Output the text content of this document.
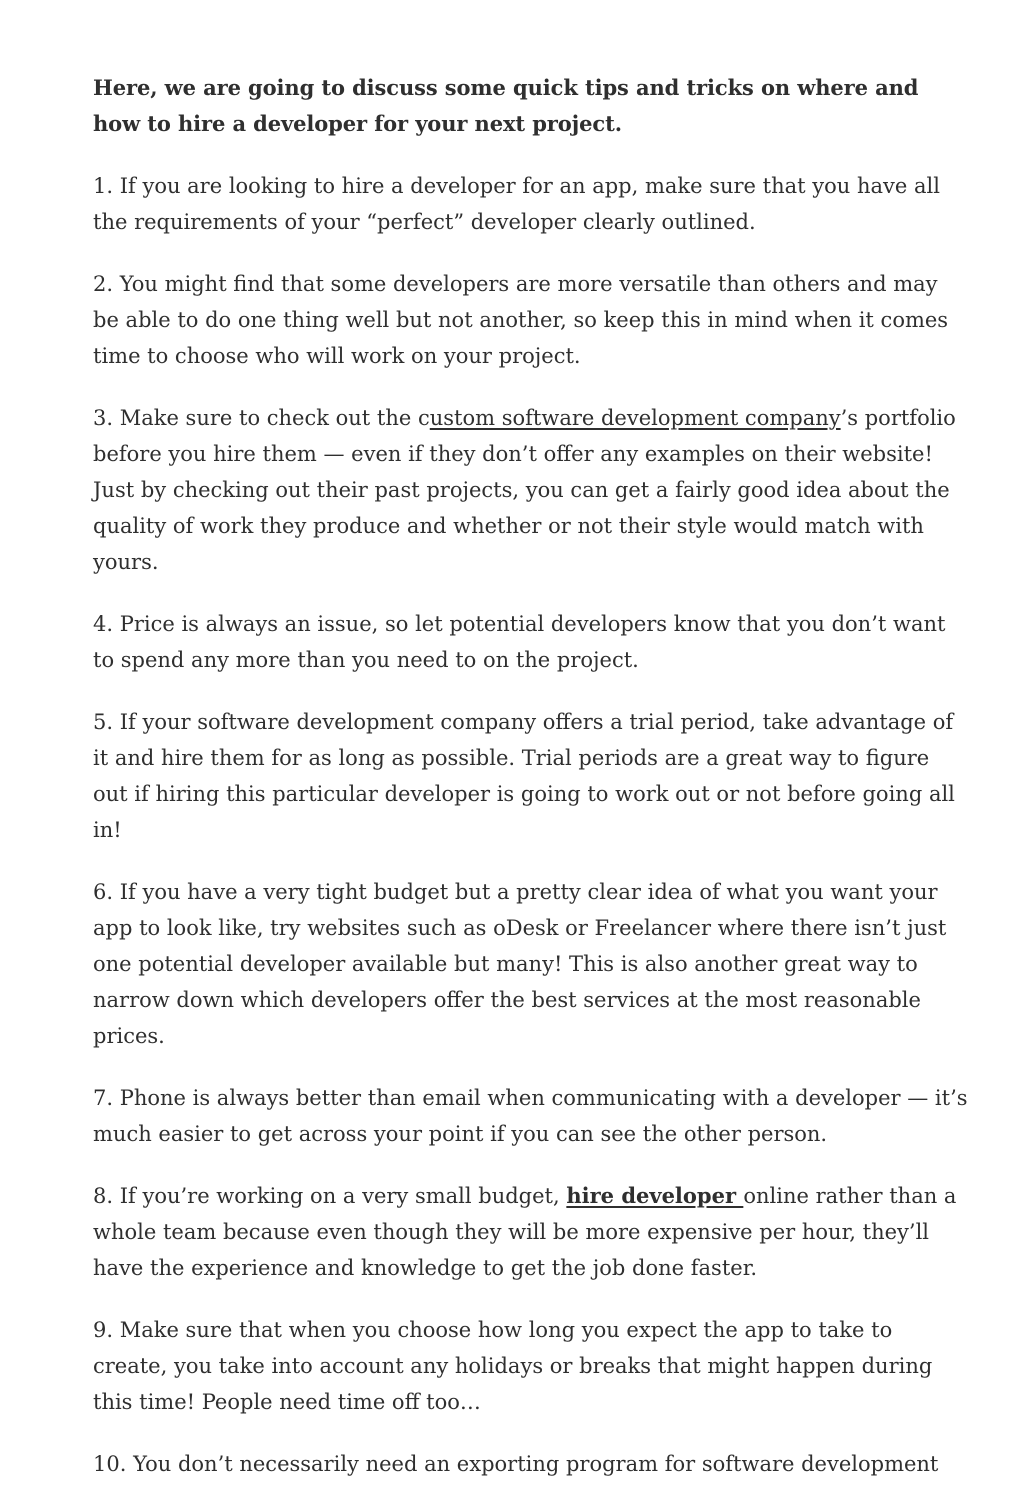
Here, we are going to discuss some quick tips and tricks on where and how to hire a developer for your next project.

1. If you are looking to hire a developer for an app, make sure that you have all the requirements of your “perfect” developer clearly outlined.

2. You might find that some developers are more versatile than others and may be able to do one thing well but not another, so keep this in mind when it comes time to choose who will work on your project.

3. Make sure to check out the custom software development company’s portfolio before you hire them — even if they don’t offer any examples on their website! Just by checking out their past projects, you can get a fairly good idea about the quality of work they produce and whether or not their style would match with yours.

4. Price is always an issue, so let potential developers know that you don’t want to spend any more than you need to on the project.

5. If your software development company offers a trial period, take advantage of it and hire them for as long as possible. Trial periods are a great way to figure out if hiring this particular developer is going to work out or not before going all in!

6. If you have a very tight budget but a pretty clear idea of what you want your app to look like, try websites such as oDesk or Freelancer where there isn’t just one potential developer available but many! This is also another great way to narrow down which developers offer the best services at the most reasonable prices.

7. Phone is always better than email when communicating with a developer — it’s much easier to get across your point if you can see the other person.

8. If you’re working on a very small budget, hire developer online rather than a whole team because even though they will be more expensive per hour, they’ll have the experience and knowledge to get the job done faster.

9. Make sure that when you choose how long you expect the app to take to create, you take into account any holidays or breaks that might happen during this time! People need time off too…

10. You don’t necessarily need an exporting program for software development
